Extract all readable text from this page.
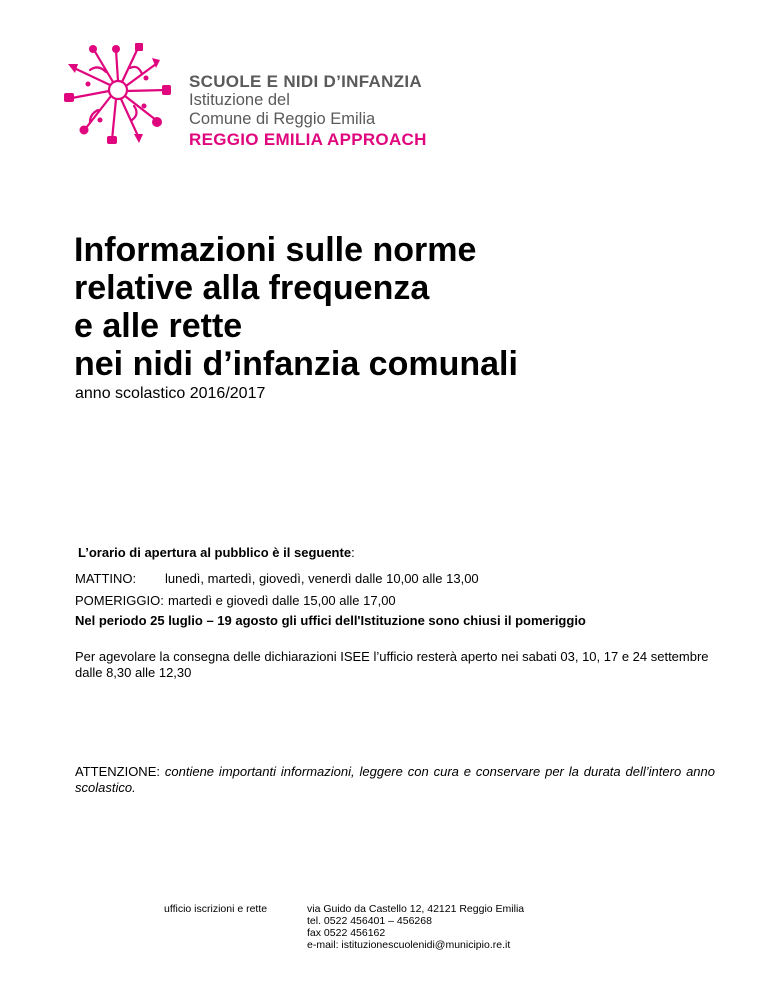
SCUOLE E NIDI D’INFANZIA
Istituzione del
Comune di Reggio Emilia
REGGIO EMILIA APPROACH
Informazioni sulle norme
relative alla frequenza
e alle rette
nei nidi d’infanzia comunali
anno scolastico 2016/2017
L’orario di apertura al pubblico è il seguente:
MATTINO: lunedì, martedì, giovedì, venerdì dalle 10,00 alle 13,00
POMERIGGIO: martedì e giovedì dalle 15,00 alle 17,00
Nel periodo 25 luglio – 19 agosto gli uffici dell'Istituzione sono chiusi il pomeriggio
Per agevolare la consegna delle dichiarazioni ISEE l’ufficio resterà aperto nei sabati 03, 10, 17 e 24 settembre dalle 8,30 alle 12,30
ATTENZIONE: contiene importanti informazioni, leggere con cura e conservare per la durata dell’intero anno scolastico.
ufficio iscrizioni e rette	via Guido da Castello 12, 42121 Reggio Emilia
tel. 0522 456401 – 456268
fax 0522 456162
e-mail: istituzionescuolenidi@municipio.re.it
